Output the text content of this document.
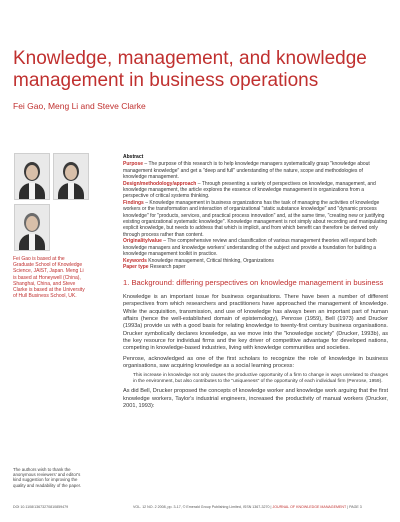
Knowledge, management, and knowledge management in business operations
Fei Gao, Meng Li and Steve Clarke

Abstract

Purpose – The purpose of this research is to help knowledge managers systematically grasp "knowledge about management knowledge" and get a "deep and full" understanding of the nature, scope and methodologies of knowledge management.

Design/methodology/approach – Through presenting a variety of perspectives on knowledge, management, and knowledge management, the article explores the essence of knowledge management in organizations from a perspective of critical systems thinking.

Findings – Knowledge management in business organizations has the task of managing the activities of knowledge workers or the transformation and interaction of organizational "static substance knowledge" and "dynamic process knowledge" for "products, services, and practical process innovation" and, at the same time, "creating new or justifying existing organizational systematic knowledge". Knowledge management is not simply about recording and manipulating explicit knowledge, but needs to address that which is implicit, and from which benefit can therefore be derived only through process rather than content.

Originality/value – The comprehensive review and classification of various management theories will expand both knowledge managers and knowledge workers' understanding of the subject and provide a foundation for building a knowledge management toolkit in practice.

Keywords Knowledge management, Critical thinking, Organizations

Paper type Research paper

Fei Gao is based at the Graduate School of Knowledge Science, JAIST, Japan. Meng Li is based at Honeywell (China), Shanghai, China, and Steve Clarke is based at the University of Hull Business School, UK.
The authors wish to thank the anonymous reviewers' and editor's kind suggestion for improving the quality and readability of the paper.
1. Background: differing perspectives on knowledge management in business

Knowledge is an important issue for business organisations. There have been a number of different perspectives from which researchers and practitioners have approached the management of knowledge. While the acquisition, transmission, and use of knowledge has always been an important part of human affairs (hence the well-established domain of epistemology), Penrose (1959), Bell (1973) and Drucker (1993a) provide us with a good basis for relating knowledge to twenty-first century business organisations. Drucker symbolically declares knowledge, as we move into the "knowledge society" (Drucker, 1993b), as the key resource for individual firms and the key driver of competitive advantage for developed nations, competing in knowledge-based industries, living with knowledge communities and societies.

Penrose, acknowledged as one of the first scholars to recognize the role of knowledge in business organisations, saw acquiring knowledge as a social learning process:

This increase in knowledge not only causes the productive opportunity of a firm to change in ways unrelated to changes in the environment, but also contributes to the "uniqueness" of the opportunity of each individual firm (Penrose, 1959).

As did Bell, Drucker proposed the concepts of knowledge worker and knowledge work arguing that the first knowledge workers, Taylor's industrial engineers, increased the productivity of manual workers (Drucker, 2001, 1993):

DOI 10.1108/13673270810859479	VOL. 12 NO. 2 2008, pp. 3-17, © Emerald Group Publishing Limited, ISSN 1367-3270 | JOURNAL OF KNOWLEDGE MANAGEMENT | PAGE 3
